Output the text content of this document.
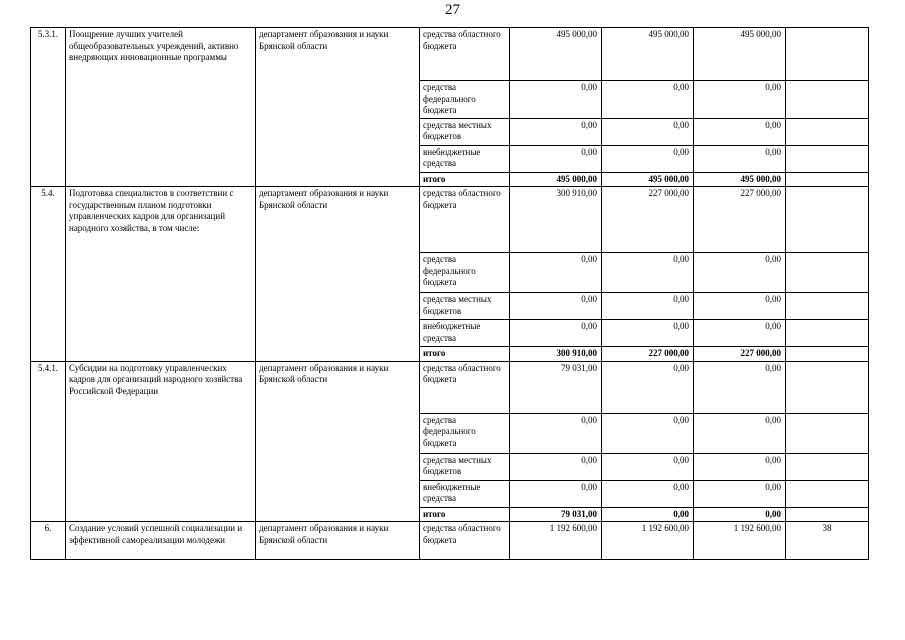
27
5.3.1.	Поощрение лучших учителей общеобразовательных учреждений, активно внедряющих инновационные программы	департамент образования и науки Брянской области	средства областного бюджета	495 000,00	495 000,00	495 000,00	
			средства федерального бюджета	0,00	0,00	0,00	
			средства местных бюджетов	0,00	0,00	0,00	
			внебюджетные средства	0,00	0,00	0,00	
			итого	495 000,00	495 000,00	495 000,00	
5.4.	Подготовка специалистов в соответствии с государственным планом подготовки управленческих кадров для организаций народного хозяйства, в том числе:	департамент образования и науки Брянской области	средства областного бюджета	300 910,00	227 000,00	227 000,00	
			средства федерального бюджета	0,00	0,00	0,00	
			средства местных бюджетов	0,00	0,00	0,00	
			внебюджетные средства	0,00	0,00	0,00	
			итого	300 910,00	227 000,00	227 000,00	
5.4.1.	Субсидии на подготовку управленческих кадров для организаций народного хозяйства Российской Федерации	департамент образования и науки Брянской области	средства областного бюджета	79 031,00	0,00	0,00	
			средства федерального бюджета	0,00	0,00	0,00	
			средства местных бюджетов	0,00	0,00	0,00	
			внебюджетные средства	0,00	0,00	0,00	
			итого	79 031,00	0,00	0,00	
6.	Создание условий успешной социализации и эффективной самореализации молодежи	департамент образования и науки Брянской области	средства областного бюджета	1 192 600,00	1 192 600,00	1 192 600,00	38
